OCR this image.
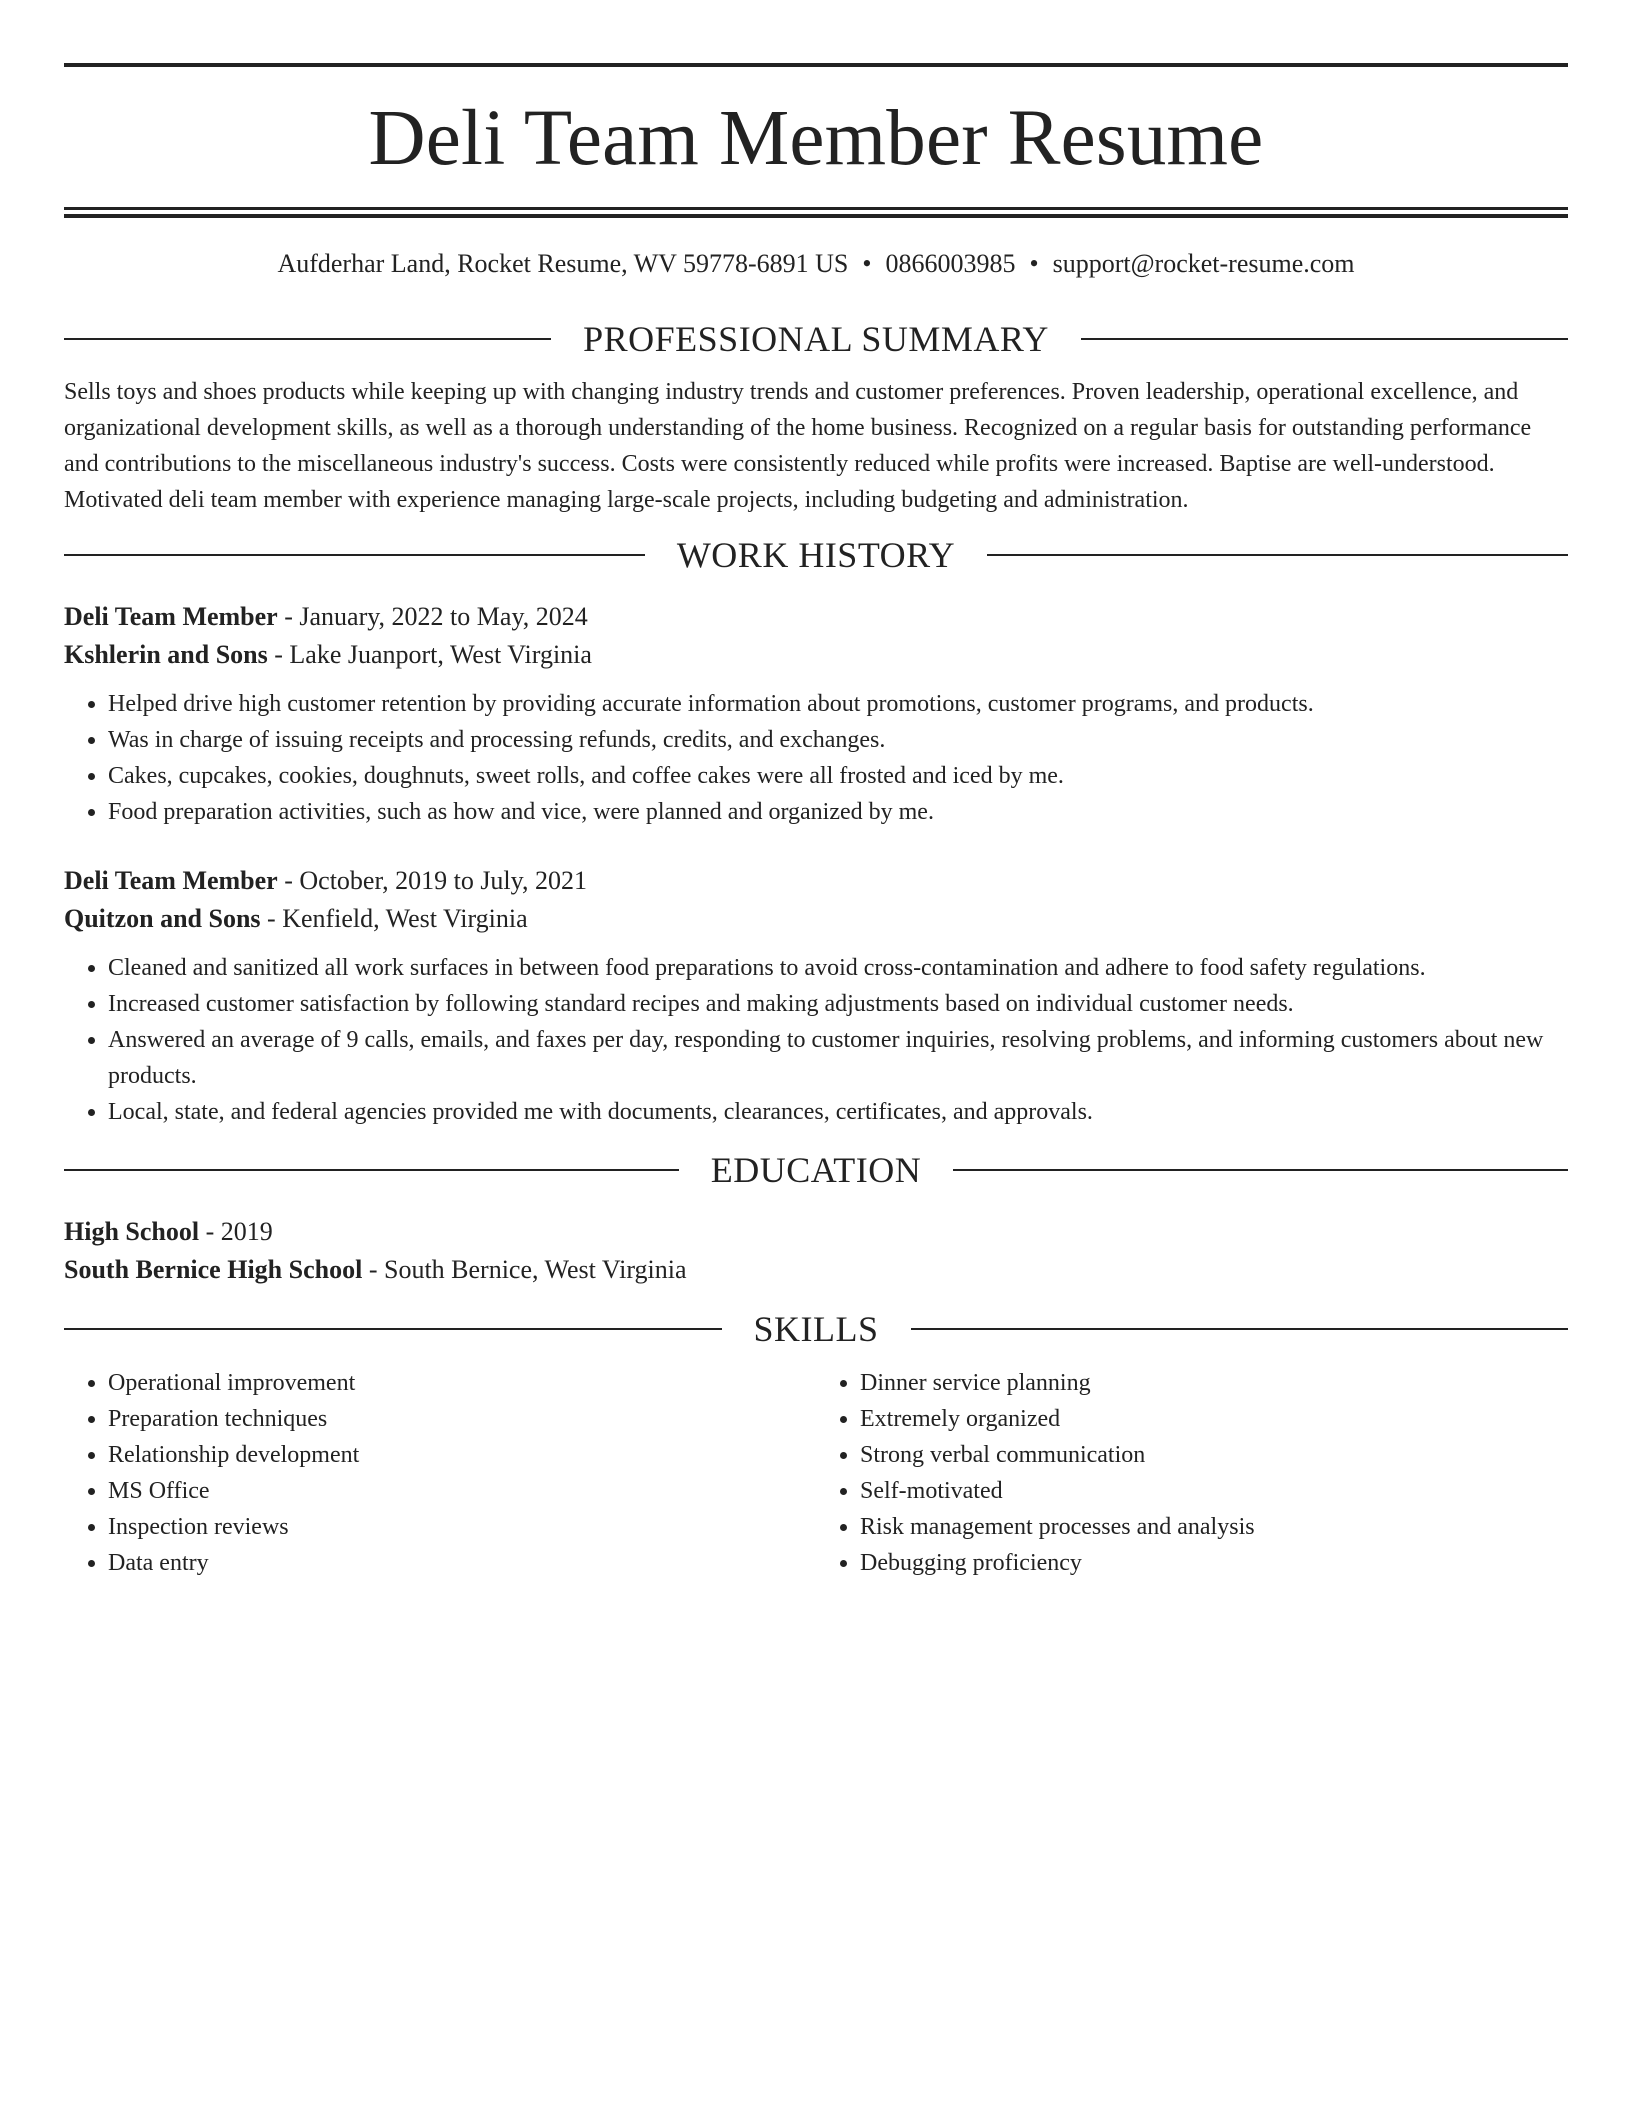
Deli Team Member Resume
Aufderhar Land, Rocket Resume, WV 59778-6891 US • 0866003985 • support@rocket-resume.com
PROFESSIONAL SUMMARY

Sells toys and shoes products while keeping up with changing industry trends and customer preferences. Proven leadership, operational excellence, and organizational development skills, as well as a thorough understanding of the home business. Recognized on a regular basis for outstanding performance and contributions to the miscellaneous industry's success. Costs were consistently reduced while profits were increased. Baptise are well-understood. Motivated deli team member with experience managing large-scale projects, including budgeting and administration.

WORK HISTORY
Deli Team Member - January, 2022 to May, 2024
Kshlerin and Sons - Lake Juanport, West Virginia
• Helped drive high customer retention by providing accurate information about promotions, customer programs, and products.
• Was in charge of issuing receipts and processing refunds, credits, and exchanges.
• Cakes, cupcakes, cookies, doughnuts, sweet rolls, and coffee cakes were all frosted and iced by me.
• Food preparation activities, such as how and vice, were planned and organized by me.
Deli Team Member - October, 2019 to July, 2021
Quitzon and Sons - Kenfield, West Virginia
• Cleaned and sanitized all work surfaces in between food preparations to avoid cross-contamination and adhere to food safety regulations.
• Increased customer satisfaction by following standard recipes and making adjustments based on individual customer needs.
• Answered an average of 9 calls, emails, and faxes per day, responding to customer inquiries, resolving problems, and informing customers about new products.
• Local, state, and federal agencies provided me with documents, clearances, certificates, and approvals.
EDUCATION
High School - 2019
South Bernice High School - South Bernice, West Virginia
SKILLS
• Operational improvement
• Preparation techniques
• Relationship development
• MS Office
• Inspection reviews
• Data entry
• Dinner service planning
• Extremely organized
• Strong verbal communication
• Self-motivated
• Risk management processes and analysis
• Debugging proficiency
